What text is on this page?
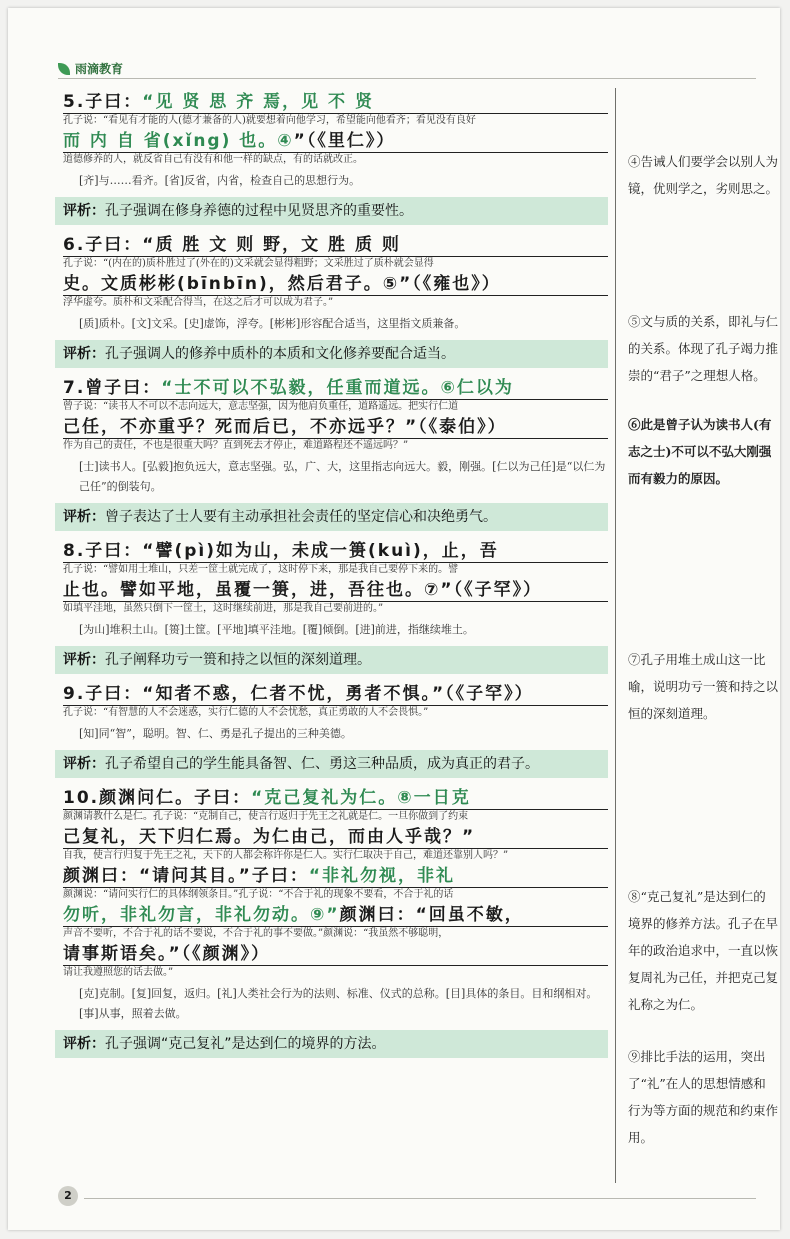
雨滴教育
5.子曰：“见 贤 思 齐 焉，见 不 贤
孔子说：“看见有才能的人(德才兼备的人)就要想着向他学习，希望能向他看齐；看见没有良好
而 内 自 省(xǐng) 也。④”（《里仁》）
道德修养的人，就反省自己有没有和他一样的缺点，有的话就改正。
[齐]与……看齐。[省]反省，内省，检查自己的思想行为。
评析：孔子强调在修身养德的过程中见贤思齐的重要性。
6.子曰：“质 胜 文 则 野，文 胜 质 则
孔子说：“(内在的)质朴胜过了(外在的)文采就会显得粗野；文采胜过了质朴就会显得
史。文质彬彬(bīnbīn)，然后君子。⑤”（《雍也》）
浮华虚夸。质朴和文采配合得当，在这之后才可以成为君子。”
[质]质朴。[文]文采。[史]虚饰，浮夸。[彬彬]形容配合适当，这里指文质兼备。
评析：孔子强调人的修养中质朴的本质和文化修养要配合适当。
7.曾子曰：“士不可以不弘毅，任重而道远。⑥仁以为
曾子说：“读书人不可以不志向远大，意志坚强，因为他肩负重任，道路遥远。把实行仁道
己任，不亦重乎？死而后已，不亦远乎？”（《泰伯》）
作为自己的责任，不也是很重大吗？直到死去才停止，难道路程还不遥远吗？”
[士]读书人。[弘毅]抱负远大，意志坚强。弘，广、大，这里指志向远大。毅，刚强。[仁以为己任]是“以仁为己任”的倒装句。
评析：曾子表达了士人要有主动承担社会责任的坚定信心和决绝勇气。
8.子曰：“譬(pì)如为山，未成一篑(kuì)，止，吾
孔子说：“譬如用土堆山，只差一筐土就完成了，这时停下来，那是我自己要停下来的。譬
止也。譬如平地，虽覆一篑，进，吾往也。⑦”（《子罕》）
如填平洼地，虽然只倒下一筐土，这时继续前进，那是我自己要前进的。”
[为山]堆积土山。[篑]土筐。[平地]填平洼地。[覆]倾倒。[进]前进，指继续堆土。
评析：孔子阐释功亏一篑和持之以恒的深刻道理。
9.子曰：“知者不惑，仁者不忧，勇者不惧。”（《子罕》）
孔子说：“有智慧的人不会迷惑，实行仁德的人不会忧愁，真正勇敢的人不会畏惧。”
[知]同“智”，聪明。智、仁、勇是孔子提出的三种美德。
评析：孔子希望自己的学生能具备智、仁、勇这三种品质，成为真正的君子。
10.颜渊问仁。子曰：“克己复礼为仁。⑧一日克
颜渊请教什么是仁。孔子说：“克制自己，使言行返归于先王之礼就是仁。一旦你做到了约束
己复礼，天下归仁焉。为仁由己，而由人乎哉？”
自我，使言行归复于先王之礼，天下的人都会称许你是仁人。实行仁取决于自己，难道还靠别人吗？”
颜渊曰：“请问其目。”子曰：“非礼勿视，非礼
颜渊说：“请问实行仁的具体纲领条目。”孔子说：“不合于礼的现象不要看，不合于礼的话
勿听，非礼勿言，非礼勿动。⑨”颜渊曰：“回虽不敏，
声音不要听，不合于礼的话不要说，不合于礼的事不要做。”颜渊说：“我虽然不够聪明，
请事斯语矣。”（《颜渊》）
请让我遵照您的话去做。”
[克]克制。[复]回复，返归。[礼]人类社会行为的法则、标准、仪式的总称。[目]具体的条目。目和纲相对。[事]从事，照着去做。
评析：孔子强调“克己复礼”是达到仁的境界的方法。
④告诫人们要学会以别人为镜，优则学之，劣则思之。
⑤文与质的关系，即礼与仁的关系。体现了孔子竭力推崇的“君子”之理想人格。
⑥此是曾子认为读书人(有志之士)不可以不弘大刚强而有毅力的原因。
⑦孔子用堆土成山这一比喻，说明功亏一篑和持之以恒的深刻道理。
⑧“克己复礼”是达到仁的境界的修养方法。孔子在早年的政治追求中，一直以恢复周礼为己任，并把克己复礼称之为仁。
⑨排比手法的运用，突出了“礼”在人的思想情感和行为等方面的规范和约束作用。
2
